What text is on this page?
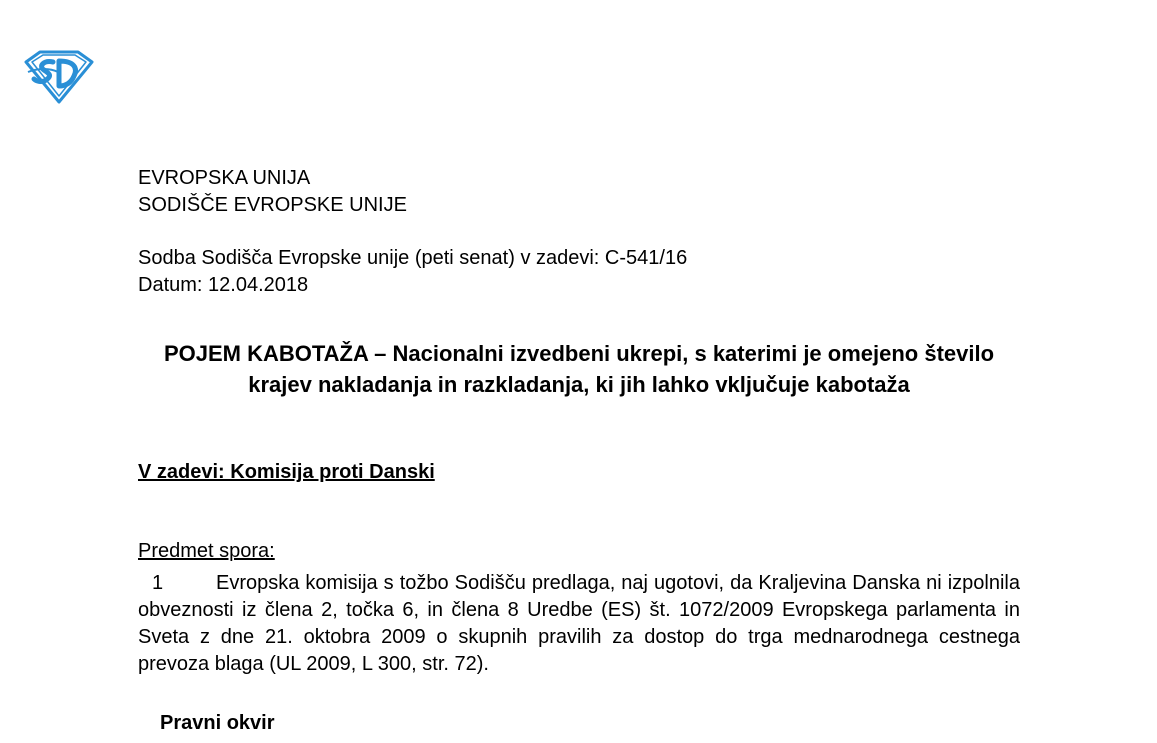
EVROPSKA UNIJA
SODIŠČE EVROPSKE UNIJE
Sodba Sodišča Evropske unije (peti senat) v zadevi: C-541/16
Datum: 12.04.2018
POJEM KABOTAŽA – Nacionalni izvedbeni ukrepi, s katerimi je omejeno število krajev nakladanja in razkladanja, ki jih lahko vključuje kabotaža
V zadevi: Komisija proti Danski
Predmet spora:
1	Evropska komisija s tožbo Sodišču predlaga, naj ugotovi, da Kraljevina Danska ni izpolnila obveznosti iz člena 2, točka 6, in člena 8 Uredbe (ES) št. 1072/2009 Evropskega parlamenta in Sveta z dne 21. oktobra 2009 o skupnih pravilih za dostop do trga mednarodnega cestnega prevoza blaga (UL 2009, L 300, str. 72).
Pravni okvir
